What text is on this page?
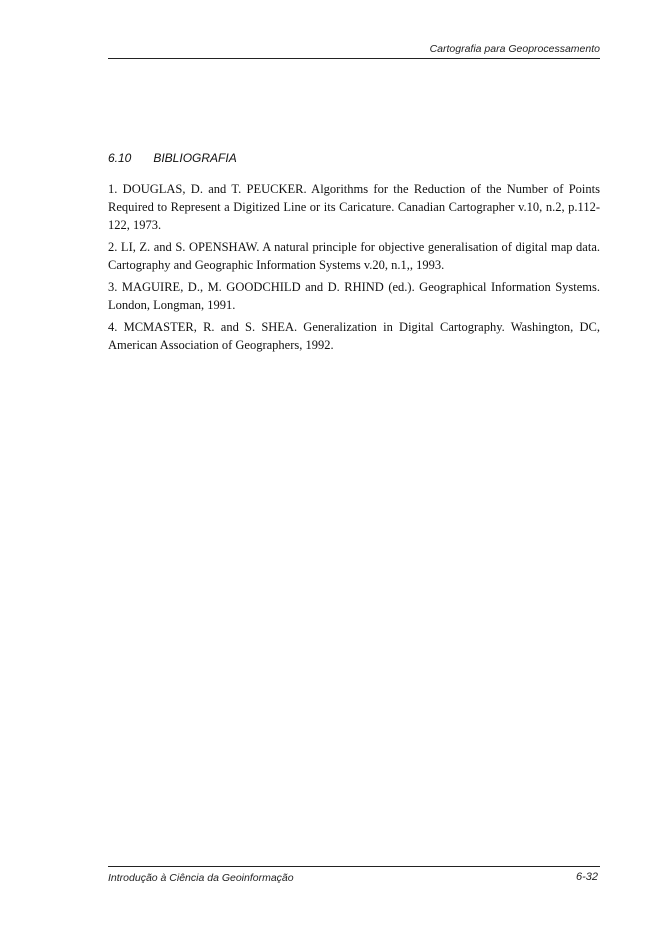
Cartografia para Geoprocessamento
6.10 BIBLIOGRAFIA

1. DOUGLAS, D. and T. PEUCKER. Algorithms for the Reduction of the Number of Points Required to Represent a Digitized Line or its Caricature. Canadian Cartographer v.10, n.2, p.112-122, 1973.

2. LI, Z. and S. OPENSHAW. A natural principle for objective generalisation of digital map data. Cartography and Geographic Information Systems v.20, n.1,, 1993.

3. MAGUIRE, D., M. GOODCHILD and D. RHIND (ed.). Geographical Information Systems. London, Longman, 1991.

4. MCMASTER, R. and S. SHEA. Generalization in Digital Cartography. Washington, DC, American Association of Geographers, 1992.

Introdução à Ciência da Geoinformação	6-32
